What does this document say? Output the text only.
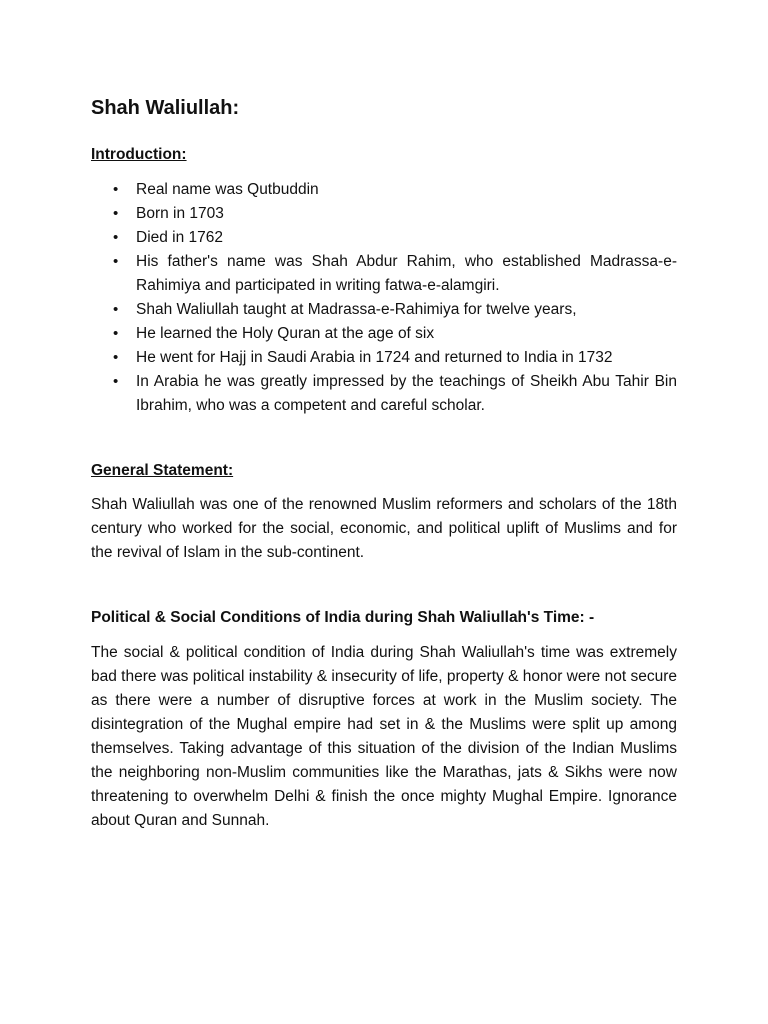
Shah Waliullah:
Introduction:
• Real name was Qutbuddin
• Born in 1703
• Died in 1762
• His father's name was Shah Abdur Rahim, who established Madrassa-e-Rahimiya and participated in writing fatwa-e-alamgiri.
• Shah Waliullah taught at Madrassa-e-Rahimiya for twelve years,
• He learned the Holy Quran at the age of six
• He went for Hajj in Saudi Arabia in 1724 and returned to India in 1732
• In Arabia he was greatly impressed by the teachings of Sheikh Abu Tahir Bin Ibrahim, who was a competent and careful scholar.
General Statement:

Shah Waliullah was one of the renowned Muslim reformers and scholars of the 18th century who worked for the social, economic, and political uplift of Muslims and for the revival of Islam in the sub-continent.

Political & Social Conditions of India during Shah Waliullah's Time: -

The social & political condition of India during Shah Waliullah's time was extremely bad there was political instability & insecurity of life, property & honor were not secure as there were a number of disruptive forces at work in the Muslim society. The disintegration of the Mughal empire had set in & the Muslims were split up among themselves. Taking advantage of this situation of the division of the Indian Muslims the neighboring non-Muslim communities like the Marathas, jats & Sikhs were now threatening to overwhelm Delhi & finish the once mighty Mughal Empire. Ignorance about Quran and Sunnah.
